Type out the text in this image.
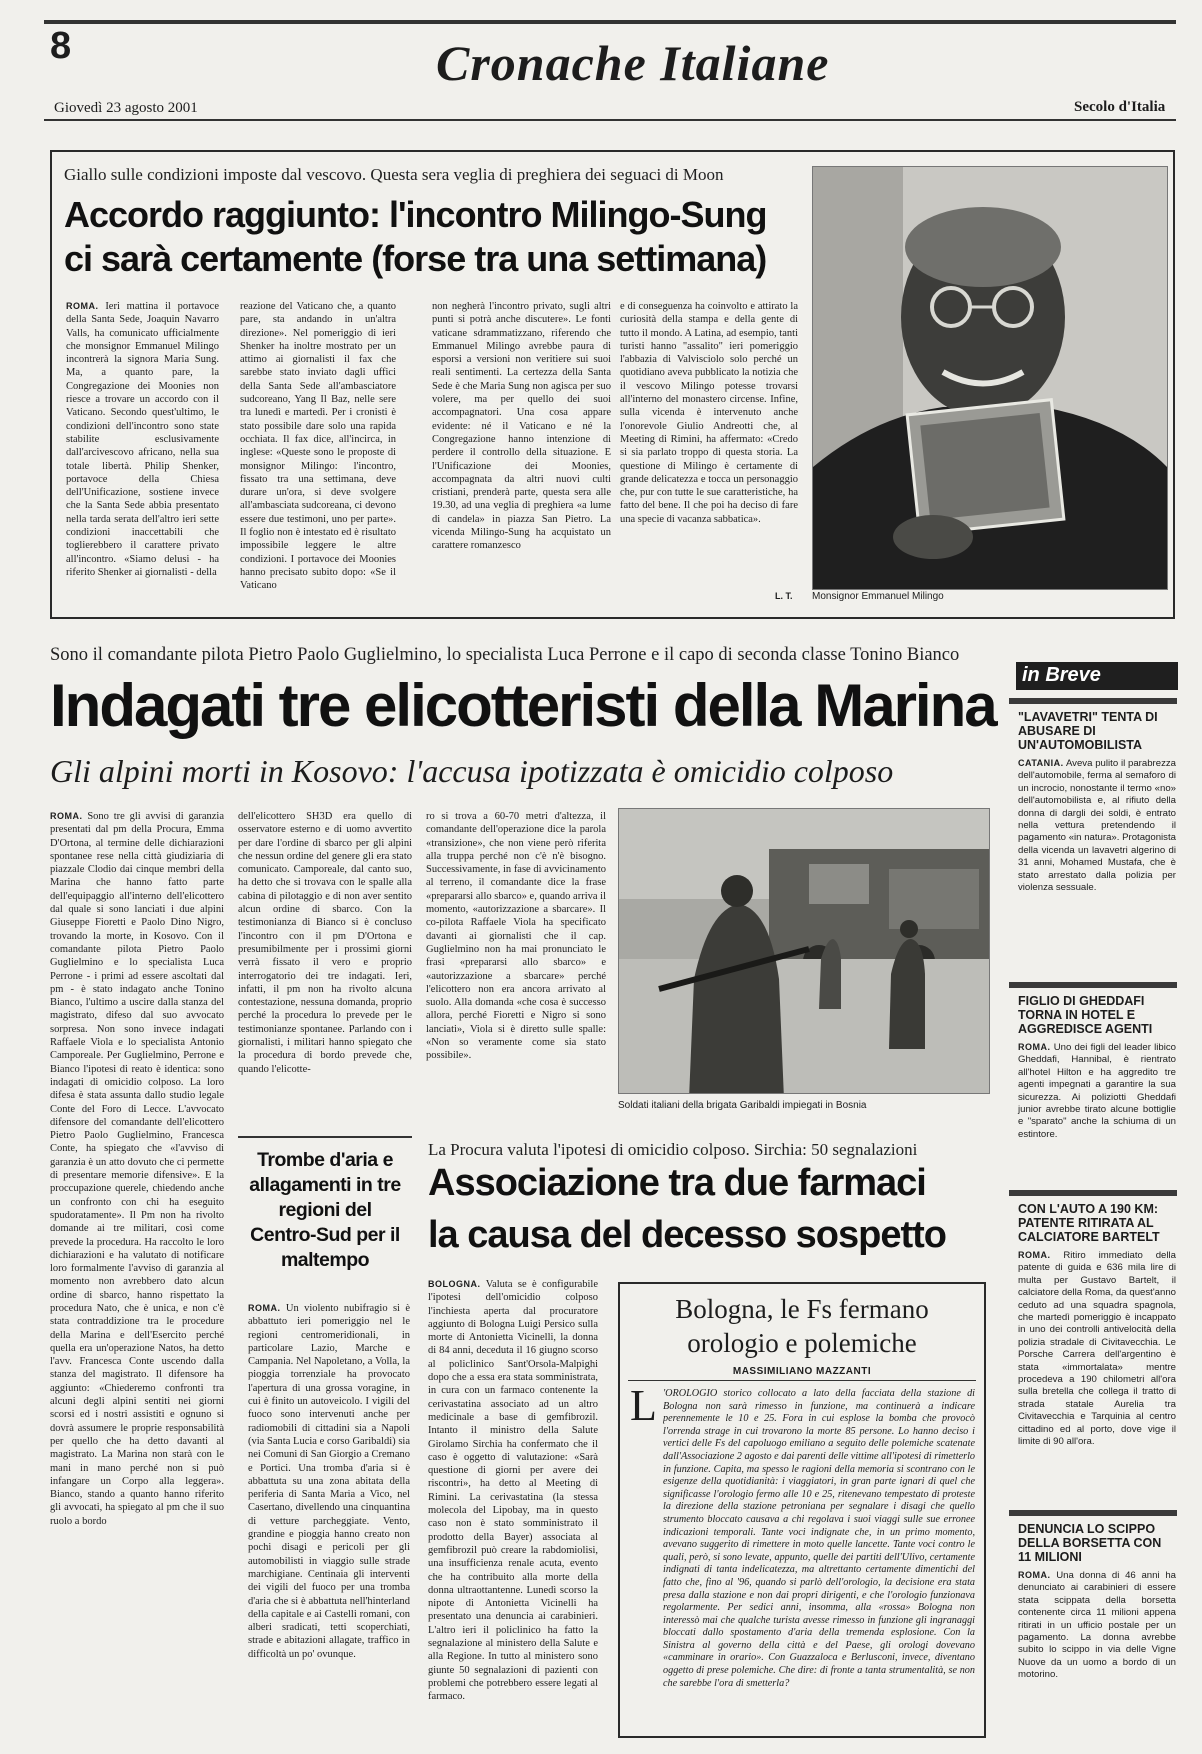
8	Cronache Italiane
Giovedì 23 agosto 2001	Secolo d'Italia
Giallo sulle condizioni imposte dal vescovo. Questa sera veglia di preghiera dei seguaci di Moon
Accordo raggiunto: l'incontro Milingo-Sung
ci sarà certamente (forse tra una settimana)

ROMA. Ieri mattina il portavoce della Santa Sede, Joaquin Navarro Valls, ha comunicato ufficialmente che monsignor Emmanuel Milingo incontrerà la signora Maria Sung. Ma, a quanto pare, la Congregazione dei Moonies non riesce a trovare un accordo con il Vaticano. Secondo quest'ultimo, le condizioni dell'incontro sono state stabilite esclusivamente dall'arcivescovo africano, nella sua totale libertà. Philip Shenker, portavoce della Chiesa dell'Unificazione, sostiene invece che la Santa Sede abbia presentato nella tarda serata dell'altro ieri sette condizioni inaccettabili che toglierebbero il carattere privato all'incontro. «Siamo delusi - ha riferito Shenker ai giornalisti - della

reazione del Vaticano che, a quanto pare, sta andando in un'altra direzione». Nel pomeriggio di ieri Shenker ha inoltre mostrato per un attimo ai giornalisti il fax che sarebbe stato inviato dagli uffici della Santa Sede all'ambasciatore sudcoreano, Yang Il Baz, nelle sere tra lunedì e martedì. Per i cronisti è stato possibile dare solo una rapida occhiata. Il fax dice, all'incirca, in inglese: «Queste sono le proposte di monsignor Milingo: l'incontro, fissato tra una settimana, deve durare un'ora, si deve svolgere all'ambasciata sudcoreana, ci devono essere due testimoni, uno per parte». Il foglio non è intestato ed è risultato impossibile leggere le altre condizioni. I portavoce dei Moonies hanno precisato subito dopo: «Se il Vaticano

non negherà l'incontro privato, sugli altri punti si potrà anche discutere». Le fonti vaticane sdrammatizzano, riferendo che Emmanuel Milingo avrebbe paura di esporsi a versioni non veritiere sui suoi reali sentimenti. La certezza della Santa Sede è che Maria Sung non agisca per suo volere, ma per quello dei suoi accompagnatori. Una cosa appare evidente: né il Vaticano e né la Congregazione hanno intenzione di perdere il controllo della situazione. E l'Unificazione dei Moonies, accompagnata da altri nuovi culti cristiani, prenderà parte, questa sera alle 19.30, ad una veglia di preghiera «a lume di candela» in piazza San Pietro. La vicenda Milingo-Sung ha acquistato un carattere romanzesco

e di conseguenza ha coinvolto e attirato la curiosità della stampa e della gente di tutto il mondo. A Latina, ad esempio, tanti turisti hanno "assalito" ieri pomeriggio l'abbazia di Valvisciolo solo perché un quotidiano aveva pubblicato la notizia che il vescovo Milingo potesse trovarsi all'interno del monastero circense. Infine, sulla vicenda è intervenuto anche l'onorevole Giulio Andreotti che, al Meeting di Rimini, ha affermato: «Credo si sia parlato troppo di questa storia. La questione di Milingo è certamente di grande delicatezza e tocca un personaggio che, pur con tutte le sue caratteristiche, ha fatto del bene. Il che poi ha deciso di fare una specie di vacanza sabbatica».

L. T. Monsignor Emmanuel Milingo
Sono il comandante pilota Pietro Paolo Guglielmino, lo specialista Luca Perrone e il capo di seconda classe Tonino Bianco
Indagati tre elicotteristi della Marina
Gli alpini morti in Kosovo: l'accusa ipotizzata è omicidio colposo

ROMA. Sono tre gli avvisi di garanzia presentati dal pm della Procura, Emma D'Ortona, al termine delle dichiarazioni spontanee rese nella città giudiziaria di piazzale Clodio dai cinque membri della Marina che hanno fatto parte dell'equipaggio all'interno dell'elicottero dal quale si sono lanciati i due alpini Giuseppe Fioretti e Paolo Dino Nigro, trovando la morte, in Kosovo. Con il comandante pilota Pietro Paolo Guglielmino e lo specialista Luca Perrone - i primi ad essere ascoltati dal pm - è stato indagato anche Tonino Bianco, l'ultimo a uscire dalla stanza del magistrato, difeso dal suo avvocato sorpresa. Non sono invece indagati Raffaele Viola e lo specialista Antonio Camporeale. Per Guglielmino, Perrone e Bianco l'ipotesi di reato è identica: sono indagati di omicidio colposo. La loro difesa è stata assunta dallo studio legale Conte del Foro di Lecce. L'avvocato difensore del comandante dell'elicottero Pietro Paolo Guglielmino, Francesca Conte, ha spiegato che «l'avviso di garanzia è un atto dovuto che ci permette di presentare memorie difensive». E la proccupazione querele, chiedendo anche un confronto con chi ha eseguito spudoratamente». Il Pm non ha rivolto domande ai tre militari, così come prevede la procedura. Ha raccolto le loro dichiarazioni e ha valutato di notificare loro formalmente l'avviso di garanzia al momento non avrebbero dato alcun ordine di sbarco, hanno rispettato la procedura Nato, che è unica, e non c'è stata contraddizione tra le procedure della Marina e dell'Esercito perché quella era un'operazione Natos, ha detto l'avv. Francesca Conte uscendo dalla stanza del magistrato. Il difensore ha aggiunto: «Chiederemo confronti tra alcuni degli alpini sentiti nei giorni scorsi ed i nostri assistiti e ognuno si dovrà assumere le proprie responsabilità per quello che ha detto davanti al magistrato. La Marina non starà con le mani in mano perché non si può infangare un Corpo alla leggera». Bianco, stando a quanto hanno riferito gli avvocati, ha spiegato al pm che il suo ruolo a bordo

dell'elicottero SH3D era quello di osservatore esterno e di uomo avvertito per dare l'ordine di sbarco per gli alpini che nessun ordine del genere gli era stato comunicato. Camporeale, dal canto suo, ha detto che si trovava con le spalle alla cabina di pilotaggio e di non aver sentito alcun ordine di sbarco. Con la testimonianza di Bianco si è concluso l'incontro con il pm D'Ortona e presumibilmente per i prossimi giorni verrà fissato il vero e proprio interrogatorio dei tre indagati. Ieri, infatti, il pm non ha rivolto alcuna contestazione, nessuna domanda, proprio perché la procedura lo prevede per le testimonianze spontanee. Parlando con i giornalisti, i militari hanno spiegato che la procedura di bordo prevede che, quando l'elicotte-

ro si trova a 60-70 metri d'altezza, il comandante dell'operazione dice la parola «transizione», che non viene però riferita alla truppa perché non c'è n'è bisogno. Successivamente, in fase di avvicinamento al terreno, il comandante dice la frase «prepararsi allo sbarco» e, quando arriva il momento, «autorizzazione a sbarcare». Il co-pilota Raffaele Viola ha specificato davanti ai giornalisti che il cap. Guglielmino non ha mai pronunciato le frasi «prepararsi allo sbarco» e «autorizzazione a sbarcare» perché l'elicottero non era ancora arrivato al suolo. Alla domanda «che cosa è successo allora, perché Fioretti e Nigro si sono lanciati», Viola si è diretto sulle spalle: «Non so veramente come sia stato possibile».

Soldati italiani della brigata Garibaldi impiegati in Bosnia
Trombe d'aria e allagamenti in tre regioni del Centro-Sud per il maltempo

ROMA. Un violento nubifragio si è abbattuto ieri pomeriggio nel le regioni centromeridionali, in particolare Lazio, Marche e Campania. Nel Napoletano, a Volla, la pioggia torrenziale ha provocato l'apertura di una grossa voragine, in cui è finito un autoveicolo. I vigili del fuoco sono intervenuti anche per radiomobili di cittadini sia a Napoli (via Santa Lucia e corso Garibaldi) sia nei Comuni di San Giorgio a Cremano e Portici. Una tromba d'aria si è abbattuta su una zona abitata della periferia di Santa Maria a Vico, nel Casertano, divellendo una cinquantina di vetture parcheggiate. Vento, grandine e pioggia hanno creato non pochi disagi e pericoli per gli automobilisti in viaggio sulle strade marchigiane. Centinaia gli interventi dei vigili del fuoco per una tromba d'aria che si è abbattuta nell'hinterland della capitale e ai Castelli romani, con alberi sradicati, tetti scoperchiati, strade e abitazioni allagate, traffico in difficoltà un po' ovunque.

La Procura valuta l'ipotesi di omicidio colposo. Sirchia: 50 segnalazioni
Associazione tra due farmaci
la causa del decesso sospetto

BOLOGNA. Valuta se è configurabile l'ipotesi dell'omicidio colposo l'inchiesta aperta dal procuratore aggiunto di Bologna Luigi Persico sulla morte di Antonietta Vicinelli, la donna di 84 anni, deceduta il 16 giugno scorso al policlinico Sant'Orsola-Malpighi dopo che a essa era stata somministrata, in cura con un farmaco contenente la cerivastatina associato ad un altro medicinale a base di gemfibrozil. Intanto il ministro della Salute Girolamo Sirchia ha confermato che il caso è oggetto di valutazione: «Sarà questione di giorni per avere dei riscontri», ha detto al Meeting di Rimini. La cerivastatina (la stessa molecola del Lipobay, ma in questo caso non è stato somministrato il prodotto della Bayer) associata al gemfibrozil può creare la rabdomiolisi, una insufficienza renale acuta, evento che ha contribuito alla morte della donna ultraottantenne. Lunedì scorso la nipote di Antonietta Vicinelli ha presentato una denuncia ai carabinieri. L'altro ieri il policlinico ha fatto la segnalazione al ministero della Salute e alla Regione. In tutto al ministero sono giunte 50 segnalazioni di pazienti con problemi che potrebbero essere legati al farmaco.

Bologna, le Fs fermano orologio e polemiche
MASSIMILIANO MAZZANTI
L 'OROLOGIO storico collocato a lato della facciata della stazione di Bologna non sarà rimesso in funzione, ma continuerà a indicare perennemente le 10 e 25. Fora in cui esplose la bomba che provocò l'orrenda strage in cui trovarono la morte 85 persone. Lo hanno deciso i vertici delle Fs del capoluogo emiliano a seguito delle polemiche scatenate dall'Associazione 2 agosto e dai parenti delle vittime all'ipotesi di rimetterlo in funzione. Capita, ma spesso le ragioni della memoria si scontrano con le esigenze della quotidianità: i viaggiatori, in gran parte ignari di quel che significasse l'orologio fermo alle 10 e 25, ritenevano tempestato di proteste la direzione della stazione petroniana per segnalare i disagi che quello strumento bloccato causava a chi regolava i suoi viaggi sulle sue erronee indicazioni temporali. Tante voci indignate che, in un primo momento, avevano suggerito di rimettere in moto quelle lancette. Tante voci contro le quali, però, si sono levate, appunto, quelle dei partiti dell'Ulivo, certamente indignati di tanta indelicatezza, ma altrettanto certamente dimentichi del fatto che, fino al '96, quando si parlò dell'orologio, la decisione era stata presa dalla stazione e non dai propri dirigenti, e che l'orologio funzionava regolarmente. Per sedici anni, insomma, alla «rossa» Bologna non interessò mai che qualche turista avesse rimesso in funzione gli ingranaggi bloccati dallo spostamento d'aria della tremenda esplosione. Con la Sinistra al governo della città e del Paese, gli orologi dovevano «camminare in orario». Con Guazzaloca e Berlusconi, invece, diventano oggetto di prese polemiche. Che dire: di fronte a tanta strumentalità, se non che sarebbe l'ora di smetterla?

in Breve
"LAVAVETRI" TENTA DI ABUSARE DI UN'AUTOMOBILISTA

CATANIA. Aveva pulito il parabrezza dell'automobile, ferma al semaforo di un incrocio, nonostante il termo «no» dell'automobilista e, al rifiuto della donna di dargli dei soldi, è entrato nella vettura pretendendo il pagamento «in natura». Protagonista della vicenda un lavavetri algerino di 31 anni, Mohamed Mustafa, che è stato arrestato dalla polizia per violenza sessuale.

FIGLIO DI GHEDDAFI TORNA IN HOTEL E AGGREDISCE AGENTI

ROMA. Uno dei figli del leader libico Gheddafi, Hannibal, è rientrato all'hotel Hilton e ha aggredito tre agenti impegnati a garantire la sua sicurezza. Ai poliziotti Gheddafi junior avrebbe tirato alcune bottiglie e "sparato" anche la schiuma di un estintore.

CON L'AUTO A 190 KM: PATENTE RITIRATA AL CALCIATORE BARTELT

ROMA. Ritiro immediato della patente di guida e 636 mila lire di multa per Gustavo Bartelt, il calciatore della Roma, da quest'anno ceduto ad una squadra spagnola, che martedì pomeriggio è incappato in uno dei controlli antivelocità della polizia stradale di Civitavecchia. Le Porsche Carrera dell'argentino è stata «immortalata» mentre procedeva a 190 chilometri all'ora sulla bretella che collega il tratto di strada statale Aurelia tra Civitavecchia e Tarquinia al centro cittadino ed al porto, dove vige il limite di 90 all'ora.

DENUNCIA LO SCIPPO DELLA BORSETTA CON 11 MILIONI

ROMA. Una donna di 46 anni ha denunciato ai carabinieri di essere stata scippata della borsetta contenente circa 11 milioni appena ritirati in un ufficio postale per un pagamento. La donna avrebbe subito lo scippo in via delle Vigne Nuove da un uomo a bordo di un motorino.
